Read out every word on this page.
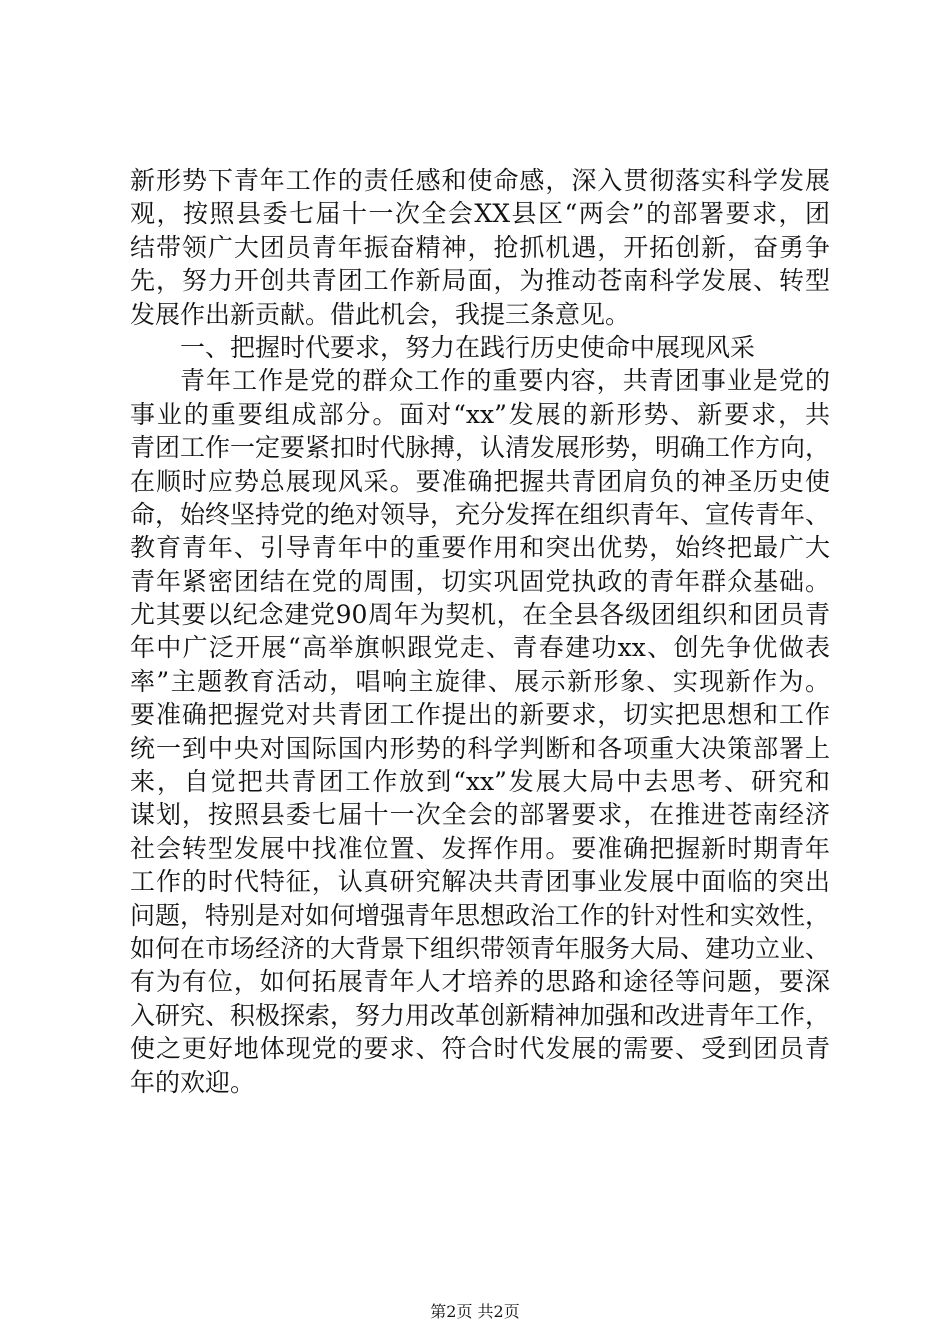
新形势下青年工作的责任感和使命感，深入贯彻落实科学发展
观，按照县委七届十一次全会XX县区“两会”的部署要求，团
结带领广大团员青年振奋精神，抢抓机遇，开拓创新，奋勇争
先，努力开创共青团工作新局面，为推动苍南科学发展、转型
发展作出新贡献。借此机会，我提三条意见。
一、把握时代要求，努力在践行历史使命中展现风采
青年工作是党的群众工作的重要内容，共青团事业是党的
事业的重要组成部分。面对“xx”发展的新形势、新要求，共
青团工作一定要紧扣时代脉搏，认清发展形势，明确工作方向，
在顺时应势总展现风采。要准确把握共青团肩负的神圣历史使
命，始终坚持党的绝对领导，充分发挥在组织青年、宣传青年、
教育青年、引导青年中的重要作用和突出优势，始终把最广大
青年紧密团结在党的周围，切实巩固党执政的青年群众基础。
尤其要以纪念建党90周年为契机，在全县各级团组织和团员青
年中广泛开展“高举旗帜跟党走、青春建功xx、创先争优做表
率”主题教育活动，唱响主旋律、展示新形象、实现新作为。
要准确把握党对共青团工作提出的新要求，切实把思想和工作
统一到中央对国际国内形势的科学判断和各项重大决策部署上
来，自觉把共青团工作放到“xx”发展大局中去思考、研究和
谋划，按照县委七届十一次全会的部署要求，在推进苍南经济
社会转型发展中找准位置、发挥作用。要准确把握新时期青年
工作的时代特征，认真研究解决共青团事业发展中面临的突出
问题，特别是对如何增强青年思想政治工作的针对性和实效性，
如何在市场经济的大背景下组织带领青年服务大局、建功立业、
有为有位，如何拓展青年人才培养的思路和途径等问题，要深
入研究、积极探索，努力用改革创新精神加强和改进青年工作，
使之更好地体现党的要求、符合时代发展的需要、受到团员青
年的欢迎。
第2页 共2页
